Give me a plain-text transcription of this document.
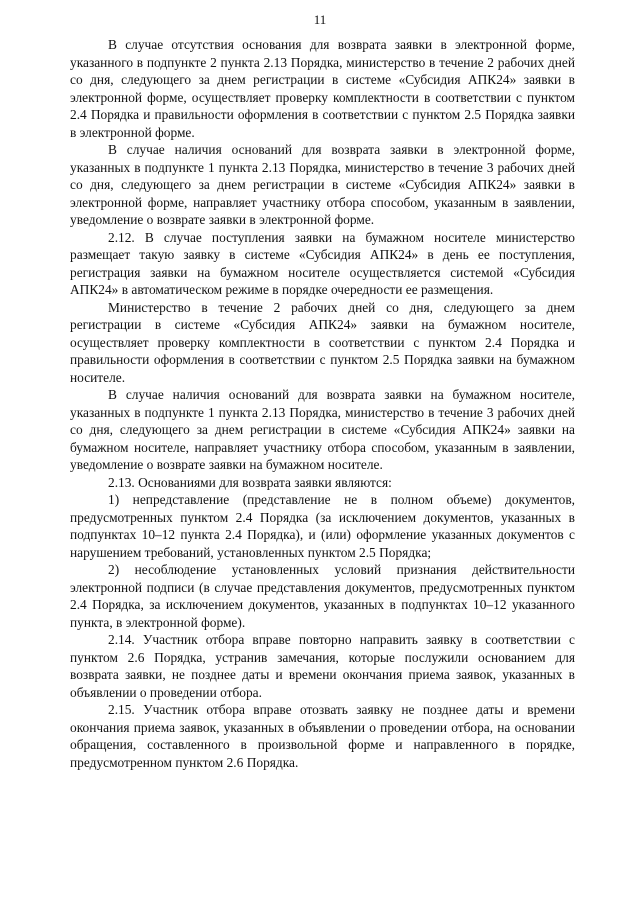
11

В случае отсутствия основания для возврата заявки в электронной форме, указанного в подпункте 2 пункта 2.13 Порядка, министерство в течение 2 рабочих дней со дня, следующего за днем регистрации в системе «Субсидия АПК24» заявки в электронной форме, осуществляет проверку комплектности в соответствии с пунктом 2.4 Порядка и правильности оформления в соответствии с пунктом 2.5 Порядка заявки в электронной форме.

В случае наличия оснований для возврата заявки в электронной форме, указанных в подпункте 1 пункта 2.13 Порядка, министерство в течение 3 рабочих дней со дня, следующего за днем регистрации в системе «Субсидия АПК24» заявки в электронной форме, направляет участнику отбора способом, указанным в заявлении, уведомление о возврате заявки в электронной форме.

2.12. В случае поступления заявки на бумажном носителе министерство размещает такую заявку в системе «Субсидия АПК24» в день ее поступления, регистрация заявки на бумажном носителе осуществляется системой «Субсидия АПК24» в автоматическом режиме в порядке очередности ее размещения.

Министерство в течение 2 рабочих дней со дня, следующего за днем регистрации в системе «Субсидия АПК24» заявки на бумажном носителе, осуществляет проверку комплектности в соответствии с пунктом 2.4 Порядка и правильности оформления в соответствии с пунктом 2.5 Порядка заявки на бумажном носителе.

В случае наличия оснований для возврата заявки на бумажном носителе, указанных в подпункте 1 пункта 2.13 Порядка, министерство в течение 3 рабочих дней со дня, следующего за днем регистрации в системе «Субсидия АПК24» заявки на бумажном носителе, направляет участнику отбора способом, указанным в заявлении, уведомление о возврате заявки на бумажном носителе.

2.13. Основаниями для возврата заявки являются:

1) непредставление (представление не в полном объеме) документов, предусмотренных пунктом 2.4 Порядка (за исключением документов, указанных в подпунктах 10–12 пункта 2.4 Порядка), и (или) оформление указанных документов с нарушением требований, установленных пунктом 2.5 Порядка;

2) несоблюдение установленных условий признания действительности электронной подписи (в случае представления документов, предусмотренных пунктом 2.4 Порядка, за исключением документов, указанных в подпунктах 10–12 указанного пункта, в электронной форме).

2.14. Участник отбора вправе повторно направить заявку в соответствии с пунктом 2.6 Порядка, устранив замечания, которые послужили основанием для возврата заявки, не позднее даты и времени окончания приема заявок, указанных в объявлении о проведении отбора.

2.15. Участник отбора вправе отозвать заявку не позднее даты и времени окончания приема заявок, указанных в объявлении о проведении отбора, на основании обращения, составленного в произвольной форме и направленного в порядке, предусмотренном пунктом 2.6 Порядка.
